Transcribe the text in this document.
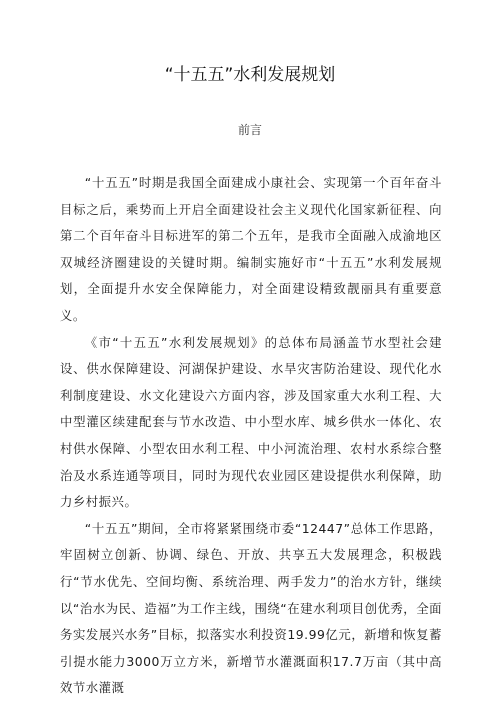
“十五五”水利发展规划
前言

“十五五”时期是我国全面建成小康社会、实现第一个百年奋斗目标之后，乘势而上开启全面建设社会主义现代化国家新征程、向第二个百年奋斗目标进军的第二个五年，是我市全面融入成渝地区双城经济圈建设的关键时期。编制实施好市“十五五”水利发展规划，全面提升水安全保障能力，对全面建设精致靓丽具有重要意义。

《市“十五五”水利发展规划》的总体布局涵盖节水型社会建设、供水保障建设、河湖保护建设、水旱灾害防治建设、现代化水利制度建设、水文化建设六方面内容，涉及国家重大水利工程、大中型灌区续建配套与节水改造、中小型水库、城乡供水一体化、农村供水保障、小型农田水利工程、中小河流治理、农村水系综合整治及水系连通等项目，同时为现代农业园区建设提供水利保障，助力乡村振兴。

“十五五”期间，全市将紧紧围绕市委“12447”总体工作思路，牢固树立创新、协调、绿色、开放、共享五大发展理念，积极践行“节水优先、空间均衡、系统治理、两手发力”的治水方针，继续以“治水为民、造福”为工作主线，围绕“在建水利项目创优秀，全面务实发展兴水务”目标，拟落实水利投资19.99亿元，新增和恢复蓄引提水能力3000万立方米，新增节水灌溉面积17.7万亩（其中高效节水灌溉
